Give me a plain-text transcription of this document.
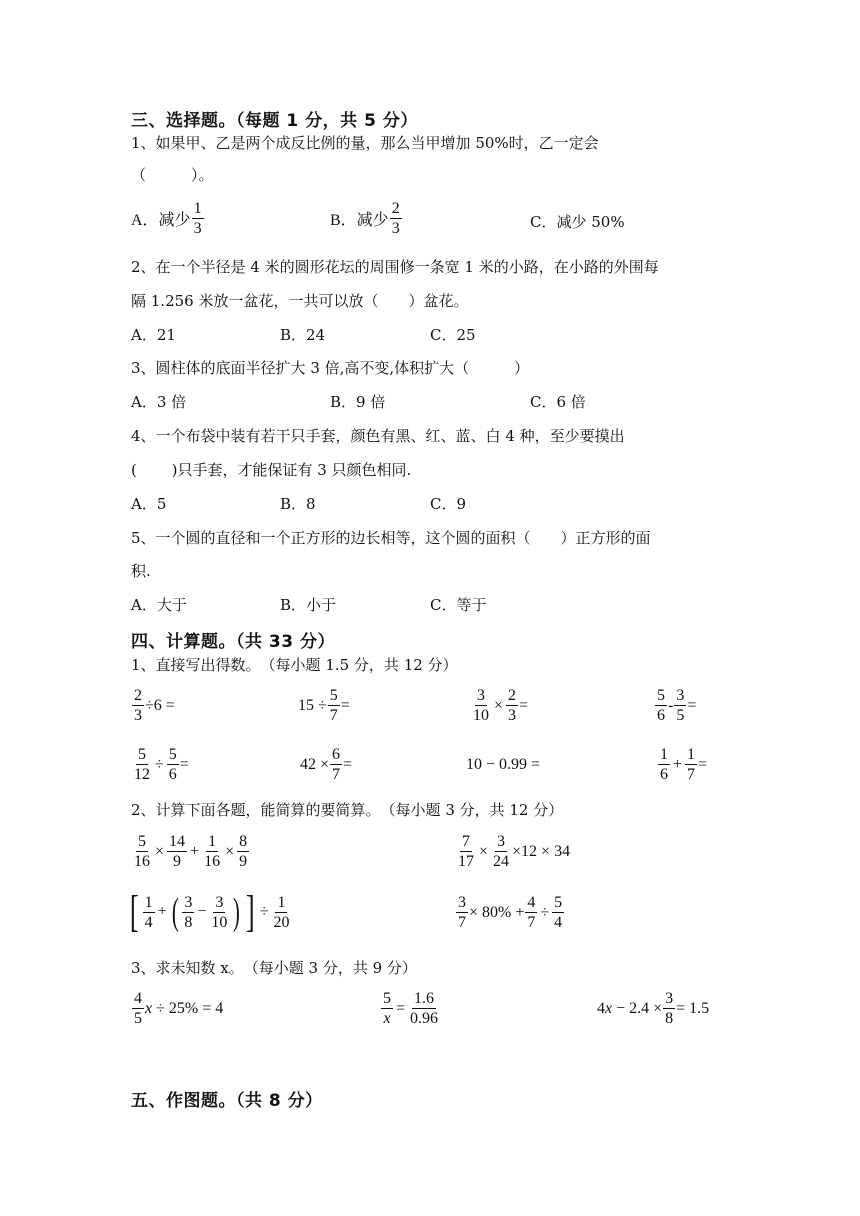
三、选择题。（每题 1 分，共 5 分）
1、如果甲、乙是两个成反比例的量，那么当甲增加 50%时，乙一定会
（　　　）。
A．减少 $\frac{1}{3}$	B．减少 $\frac{2}{3}$	C．减少 50%
2、在一个半径是 4 米的圆形花坛的周围修一条宽 1 米的小路，在小路的外围每
隔 1.256 米放一盆花，一共可以放（　　）盆花。
A．21	B．24	C．25
3、圆柱体的底面半径扩大 3 倍,高不变,体积扩大（　　　）
A．3 倍	B．9 倍	C．6 倍
4、一个布袋中装有若干只手套，颜色有黑、红、蓝、白 4 种，至少要摸出
(　　 )只手套，才能保证有 3 只颜色相同.
A．5	B．8	C．9
5、一个圆的直径和一个正方形的边长相等，这个圆的面积（　　）正方形的面
积.
A．大于	B．小于	C．等于
四、计算题。（共 33 分）
1、直接写出得数。　（每小题 1.5 分，共 12 分）
$\frac{2}{3} \div 6$ =	$15 \div \frac{5}{7}$ =	$\frac{3}{10} \times \frac{2}{3}$ =	$\frac{5}{6} - \frac{3}{5}$ =
$\frac{5}{12} \div \frac{5}{6}$ =	$42 \times \frac{6}{7}$ =	10 − 0.99 =	$\frac{1}{6} + \frac{1}{7}$ =
2、计算下面各题，能简算的要简算。　（每小题 3 分，共 12 分）
$\frac{5}{16} \times \frac{14}{9} + \frac{1}{16} \times \frac{8}{9}$	$\frac{7}{17} \times \frac{3}{24} \times 12 \times 34$
[ $\frac{1}{4}$ + ( $\frac{3}{8} - \frac{3}{10}$ ) ] ÷ $\frac{1}{20}$	$\frac{3}{7} \times 80\% + \frac{4}{7} \div \frac{5}{4}$
3、求未知数 x。　（每小题 3 分，共 9 分）
$\frac{4}{5}$ x ÷ 25% = 4	$\frac{5}{x} = \frac{1.6}{0.96}$	4 $x - 2.4 \times \frac{3}{8} = 1.5$
五、作图题。（共 8 分）
